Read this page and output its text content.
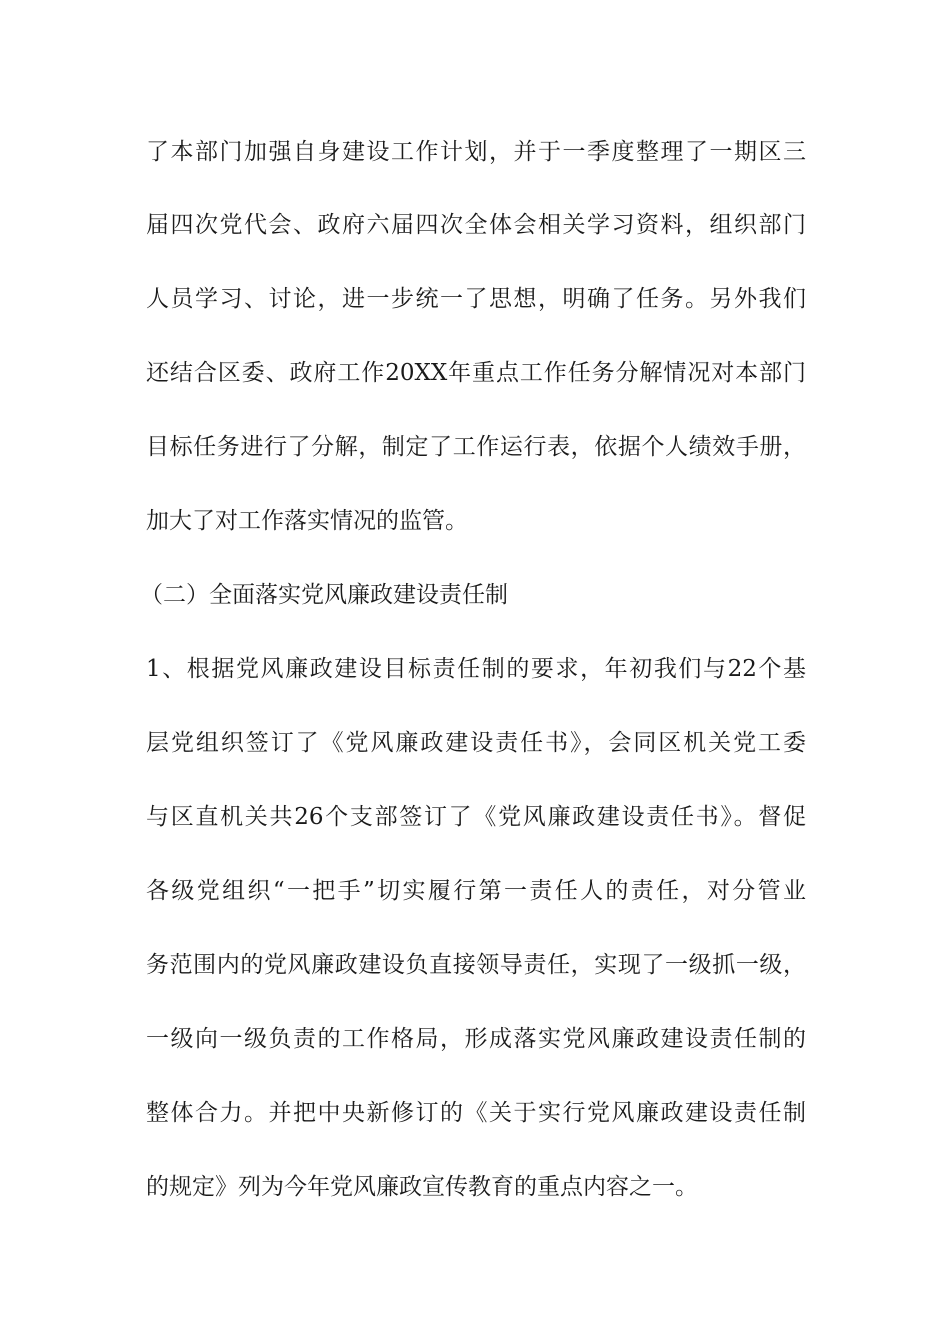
了本部门加强自身建设工作计划，并于一季度整理了一期区三
届四次党代会、政府六届四次全体会相关学习资料，组织部门
人员学习、讨论，进一步统一了思想，明确了任务。另外我们
还结合区委、政府工作20XX年重点工作任务分解情况对本部门
目标任务进行了分解，制定了工作运行表，依据个人绩效手册，
加大了对工作落实情况的监管。
（二）全面落实党风廉政建设责任制
1、根据党风廉政建设目标责任制的要求，年初我们与22个基
层党组织签订了《党风廉政建设责任书》，会同区机关党工委
与区直机关共26个支部签订了《党风廉政建设责任书》。督促
各级党组织“一把手”切实履行第一责任人的责任，对分管业
务范围内的党风廉政建设负直接领导责任，实现了一级抓一级，
一级向一级负责的工作格局，形成落实党风廉政建设责任制的
整体合力。并把中央新修订的《关于实行党风廉政建设责任制
的规定》列为今年党风廉政宣传教育的重点内容之一。
